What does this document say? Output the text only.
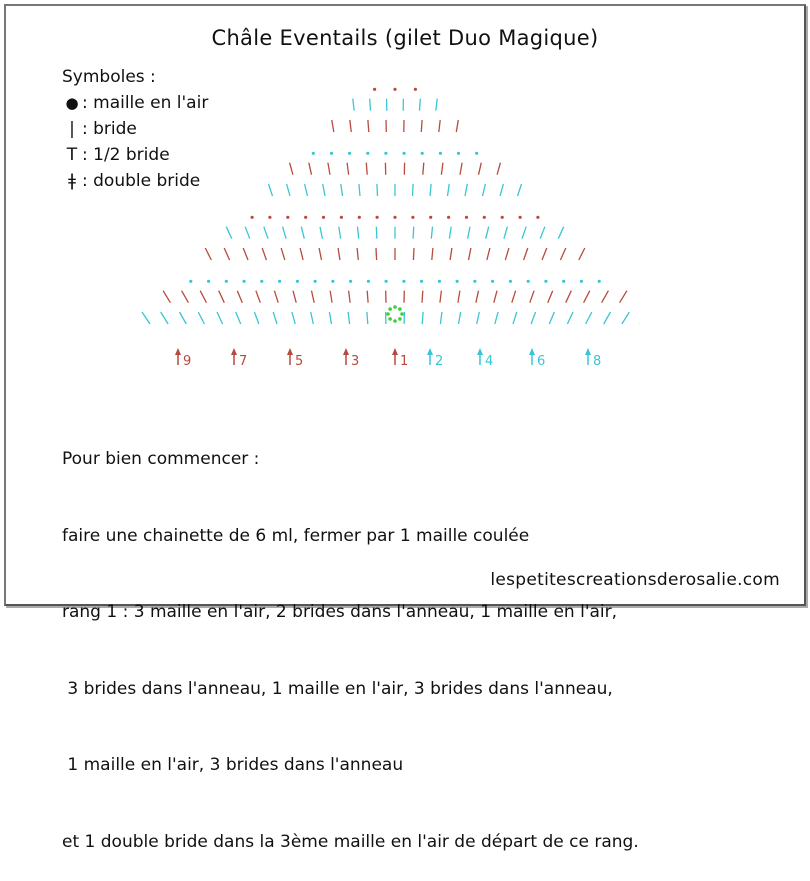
Châle Eventails (gilet Duo Magique)
Symboles :
● : maille en l'air
| : bride
T : 1/2 bride
ǂ : double bride
9	7	5	3	1 2	4	6	8

Pour bien commencer :

faire une chainette de 6 ml, fermer par 1 maille coulée

rang 1 : 3 maille en l'air, 2 brides dans l'anneau, 1 maille en l'air,

3 brides dans l'anneau, 1 maille en l'air, 3 brides dans l'anneau,

1 maille en l'air, 3 brides dans l'anneau

et 1 double bride dans la 3ème maille en l'air de départ de ce rang.

lespetitescreationsderosalie.com
